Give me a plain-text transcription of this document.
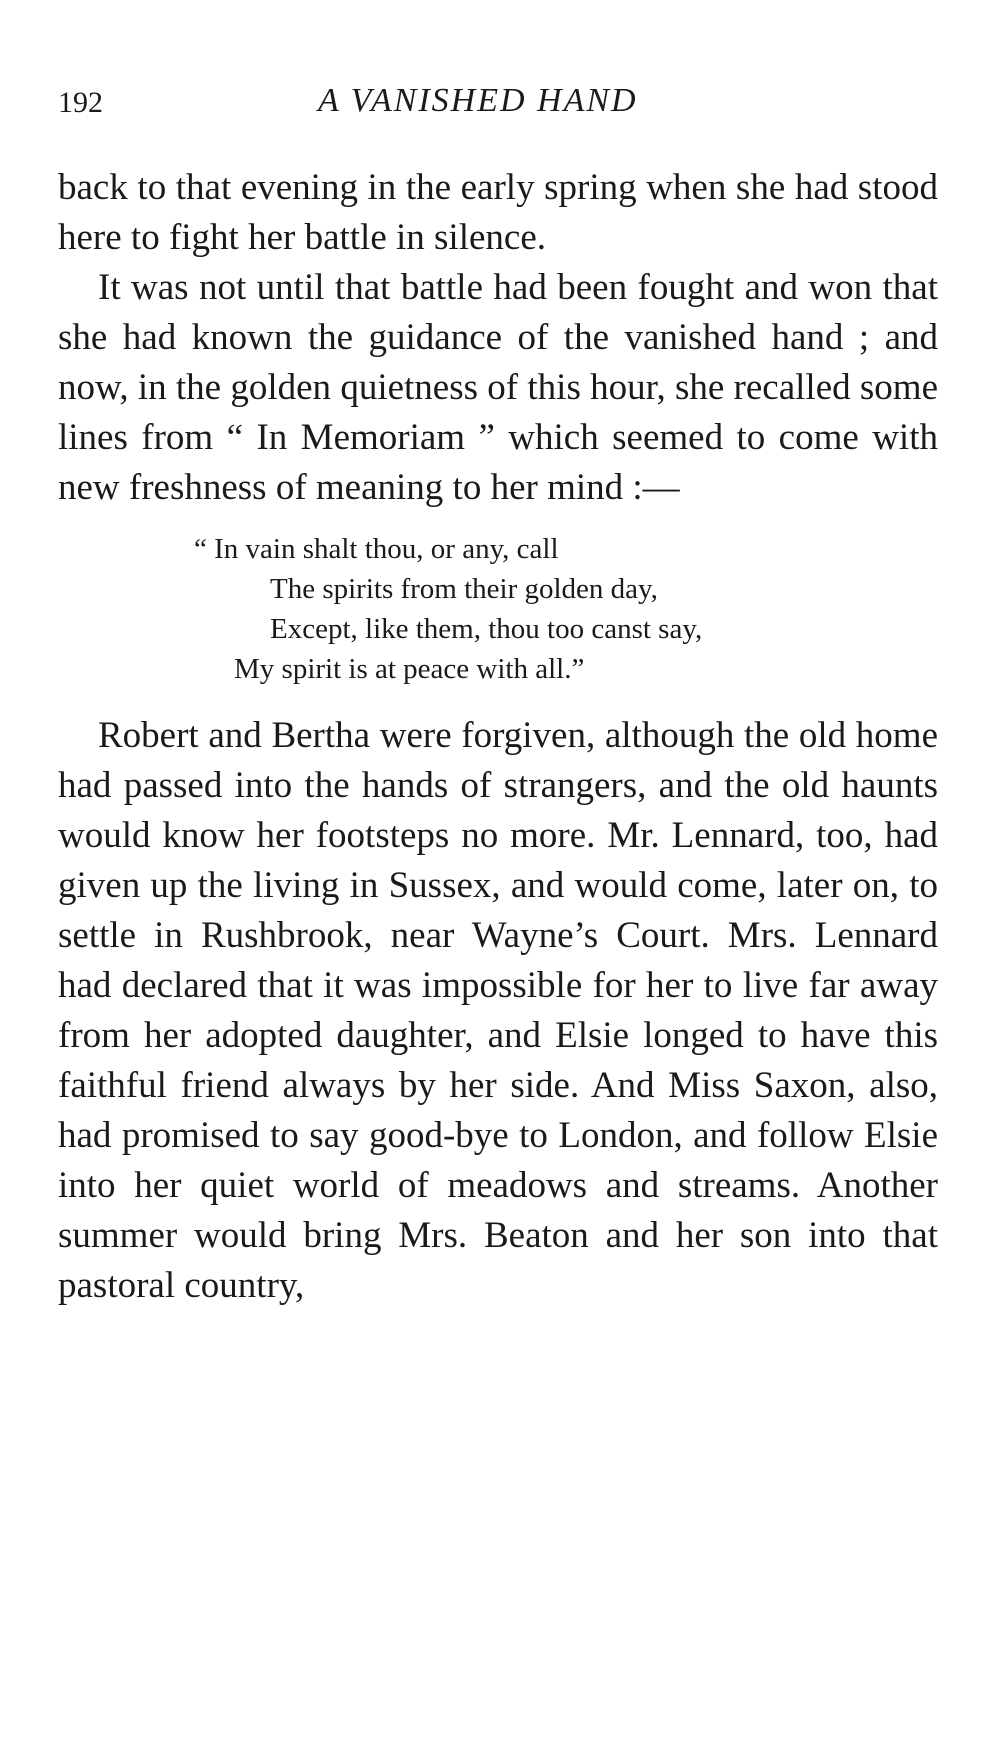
192	A VANISHED HAND

back to that evening in the early spring when she had stood here to fight her battle in silence.

It was not until that battle had been fought and won that she had known the guidance of the vanished hand ; and now, in the golden quietness of this hour, she recalled some lines from “ In Memoriam ” which seemed to come with new freshness of meaning to her mind :—

“ In vain shalt thou, or any, call
The spirits from their golden day,
Except, like them, thou too canst say,
My spirit is at peace with all.”

Robert and Bertha were forgiven, although the old home had passed into the hands of strangers, and the old haunts would know her footsteps no more. Mr. Lennard, too, had given up the living in Sussex, and would come, later on, to settle in Rushbrook, near Wayne’s Court. Mrs. Lennard had declared that it was impossible for her to live far away from her adopted daughter, and Elsie longed to have this faithful friend always by her side. And Miss Saxon, also, had promised to say good-bye to London, and follow Elsie into her quiet world of meadows and streams. Another summer would bring Mrs. Beaton and her son into that pastoral country,
